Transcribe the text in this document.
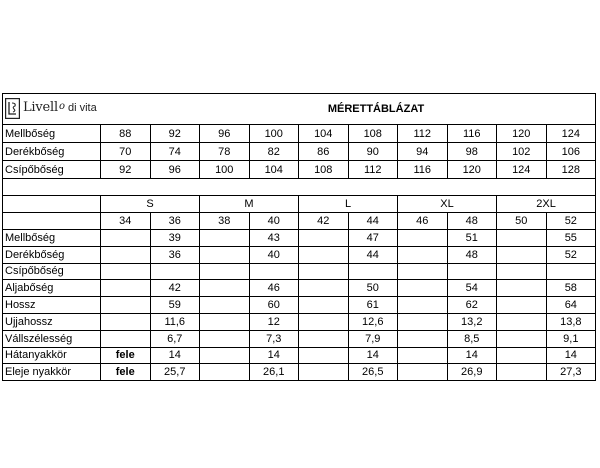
Livell o di vita MÉRETTÁBLÁZAT										

Mellbőség	88	92	96	100	104	108	112	116	120	124
Derékbőség	70	74	78	82	86	90	94	98	102	106
Csípőbőség	92	96	100	104	108	112	116	120	124	128

	S		M		L		XL		2XL	
	34	36	38	40	42	44	46	48	50	52
Mellbőség		39		43		47		51		55
Derékbőség		36		40		44		48		52
Csípőbőség										
Aljabőség		42		46		50		54		58
Hossz		59		60		61		62		64
Ujjahossz		11,6		12		12,6		13,2		13,8
Vállszélesség		6,7		7,3		7,9		8,5		9,1
Hátanyakkör	fele	14		14		14		14		14
Eleje nyakkör	fele	25,7		26,1		26,5		26,9		27,3
